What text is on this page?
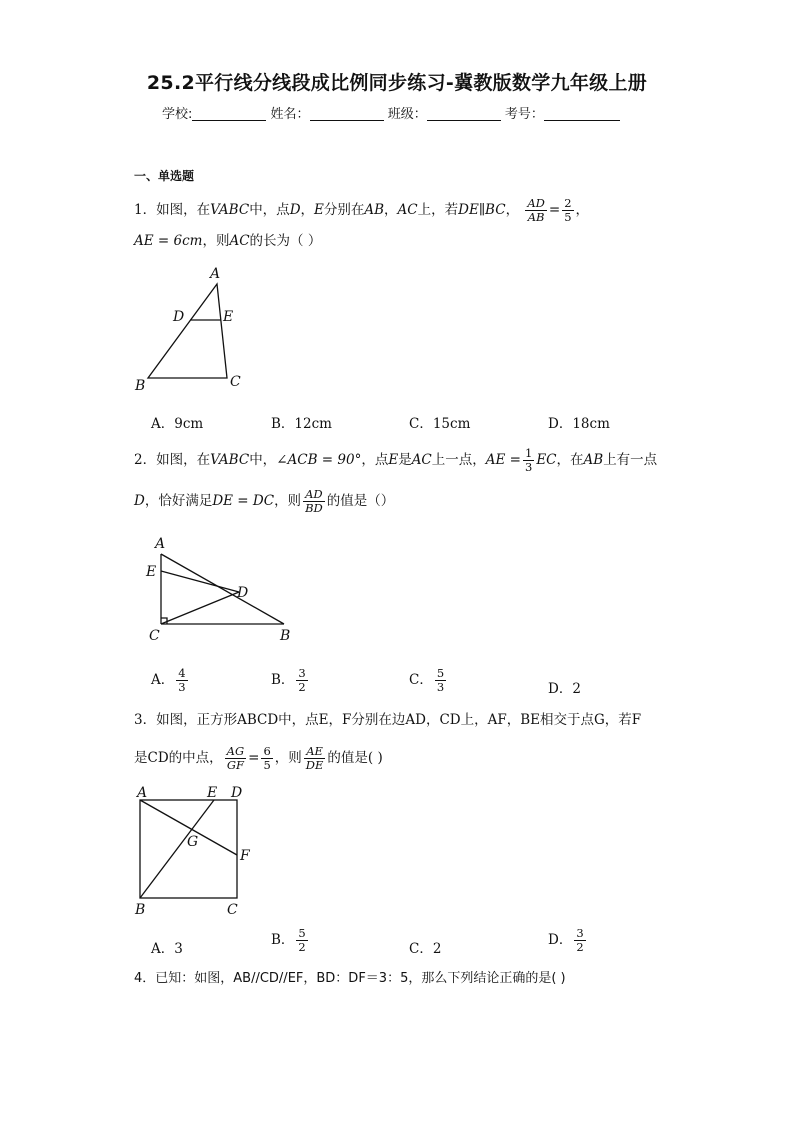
25.2平行线分线段成比例同步练习-冀教版数学九年级上册
学校:	姓名：	班级：	考号：
一、单选题
1．如图，在VABC中，点D，E分别在AB，AC上，若DE∥BC， $\frac{AD}{AB} = \frac{2}{5}$ ，
AE = 6cm，则AC的长为（ ）
A
D	E
B	C
A．9cm	B．12cm	C．15cm	D．18cm
2．如图，在VABC中，∠ACB = 90°，点E是AC上一点，AE = $\frac{1}{3}$ EC，在AB上有一点
D，恰好满足DE = DC，则 $\frac{AD}{BD}$ 的值是（）
A
E
D
C	B
A． $\frac{4}{3}$	B． $\frac{3}{2}$	C． $\frac{5}{3}$	D．2
3．如图，正方形ABCD中，点E，F分别在边AD，CD上，AF，BE相交于点G，若F
是CD的中点， $\frac{AG}{GF} = \frac{6}{5}$ ，则 $\frac{AE}{DE}$ 的值是( )
A	E D
G
F
B	C
A．3
B． $\frac{5}{2}$	C．2
D． $\frac{3}{2}$
4．已知：如图，AB//CD//EF，BD：DF＝3：5，那么下列结论正确的是( )
